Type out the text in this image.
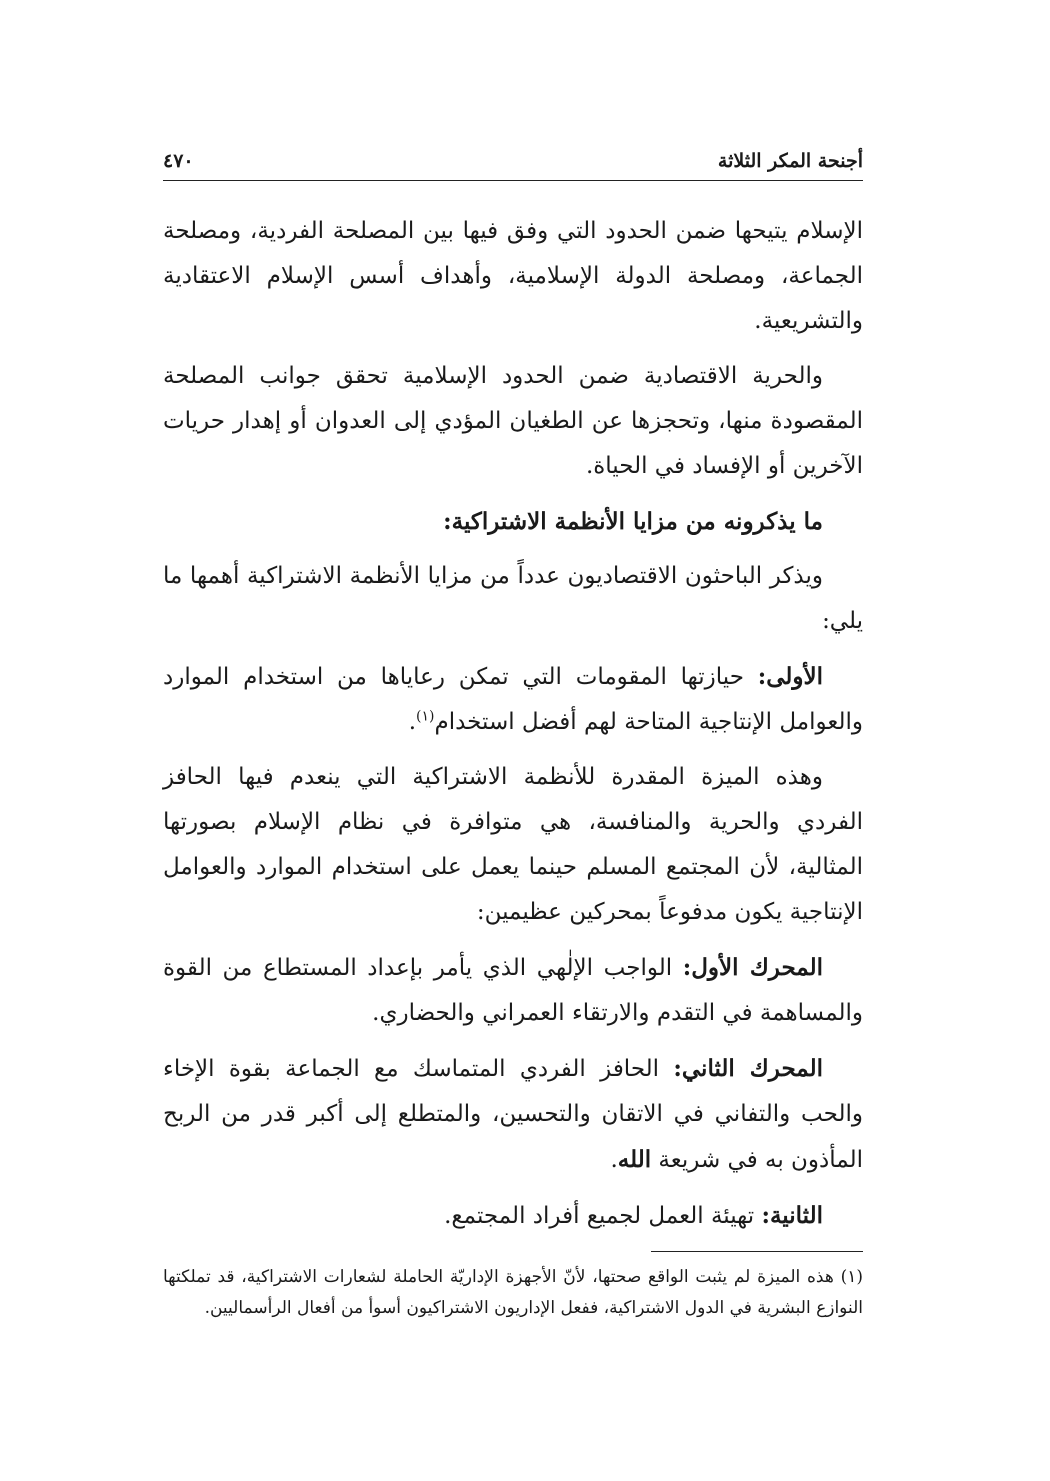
أجنحة المكر الثلاثة
٤٧٠

الإسلام يتيحها ضمن الحدود التي وفق فيها بين المصلحة الفردية، ومصلحة الجماعة، ومصلحة الدولة الإسلامية، وأهداف أسس الإسلام الاعتقادية والتشريعية.

والحرية الاقتصادية ضمن الحدود الإسلامية تحقق جوانب المصلحة المقصودة منها، وتحجزها عن الطغيان المؤدي إلى العدوان أو إهدار حريات الآخرين أو الإفساد في الحياة.

ما يذكرونه من مزايا الأنظمة الاشتراكية:

ويذكر الباحثون الاقتصاديون عدداً من مزايا الأنظمة الاشتراكية أهمها ما يلي:

الأولى: حيازتها المقومات التي تمكن رعاياها من استخدام الموارد والعوامل الإنتاجية المتاحة لهم أفضل استخدام$^{(١)}$.

وهذه الميزة المقدرة للأنظمة الاشتراكية التي ينعدم فيها الحافز الفردي والحرية والمنافسة، هي متوافرة في نظام الإسلام بصورتها المثالية، لأن المجتمع المسلم حينما يعمل على استخدام الموارد والعوامل الإنتاجية يكون مدفوعاً بمحركين عظيمين:

المحرك الأول: الواجب الإلٰهي الذي يأمر بإعداد المستطاع من القوة والمساهمة في التقدم والارتقاء العمراني والحضاري.

المحرك الثاني: الحافز الفردي المتماسك مع الجماعة بقوة الإخاء والحب والتفاني في الاتقان والتحسين، والمتطلع إلى أكبر قدر من الربح المأذون به في شريعة الله.

الثانية: تهيئة العمل لجميع أفراد المجتمع.

(١) هذه الميزة لم يثبت الواقع صحتها، لأنّ الأجهزة الإداريّة الحاملة لشعارات الاشتراكية، قد تملكتها النوازع البشرية في الدول الاشتراكية، ففعل الإداريون الاشتراكيون أسوأ من أفعال الرأسماليين.
